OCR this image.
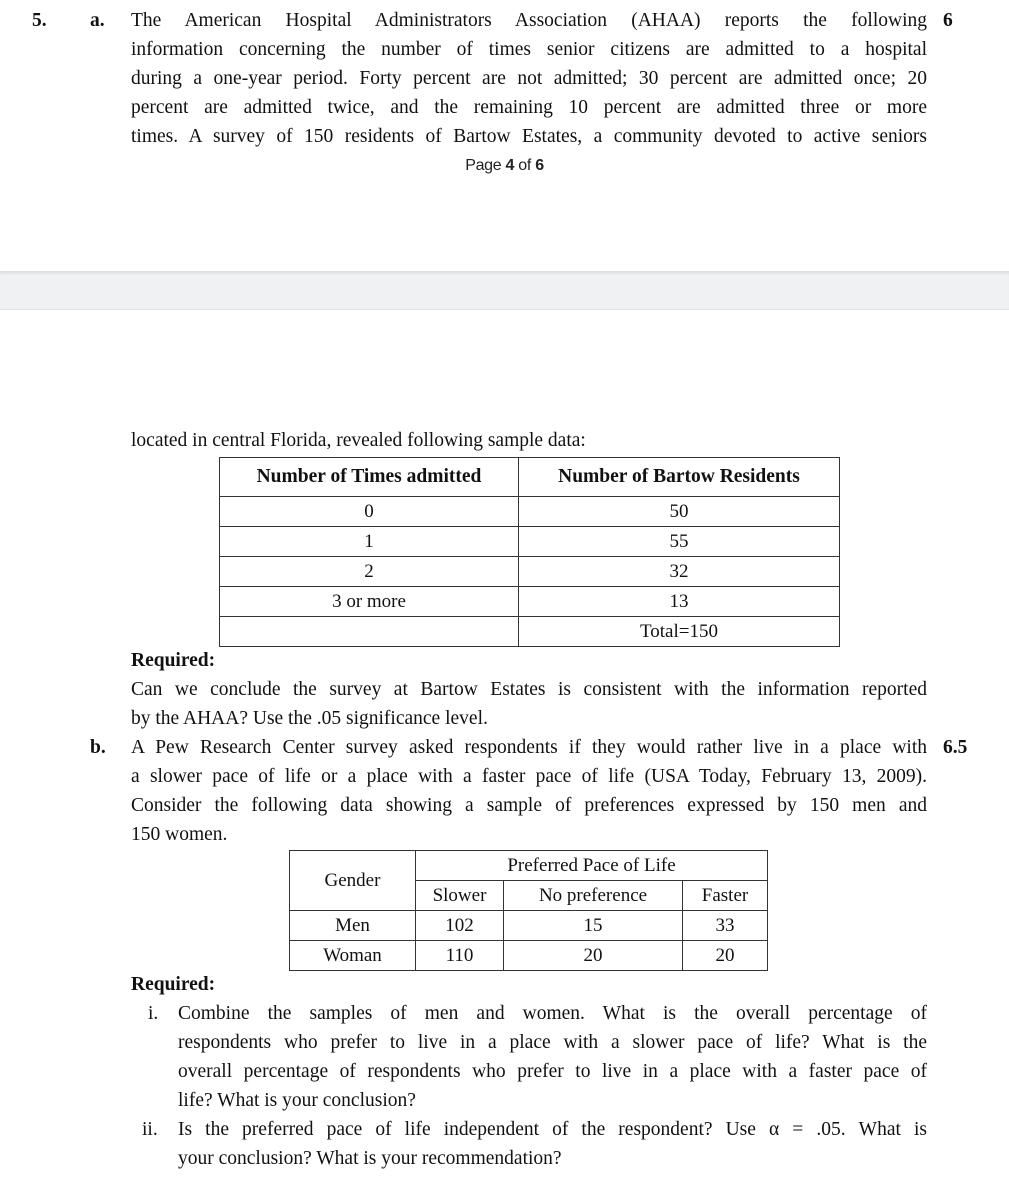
5. a.	6
The American Hospital Administrators Association (AHAA) reports the following
information concerning the number of times senior citizens are admitted to a hospital
during a one-year period. Forty percent are not admitted; 30 percent are admitted once; 20
percent are admitted twice, and the remaining 10 percent are admitted three or more
times. A survey of 150 residents of Bartow Estates, a community devoted to active seniors
Page 4 of 6
located in central Florida, revealed following sample data:
Number of Times admitted	Number of Bartow Residents
0	50
1	55
2	32
3 or more	13
	Total=150
Required:
Can we conclude the survey at Bartow Estates is consistent with the information reported
by the AHAA? Use the .05 significance level.
b.	6.5
A Pew Research Center survey asked respondents if they would rather live in a place with
a slower pace of life or a place with a faster pace of life (USA Today, February 13, 2009).
Consider the following data showing a sample of preferences expressed by 150 men and
150 women.
Gender	Preferred Pace of Life		
	Slower	No preference	Faster
Men	102	15	33
Woman	110	20	20
Required:
i. Combine the samples of men and women. What is the overall percentage of
respondents who prefer to live in a place with a slower pace of life? What is the
overall percentage of respondents who prefer to live in a place with a faster pace of
life? What is your conclusion?
ii. Is the preferred pace of life independent of the respondent? Use α = .05. What is
your conclusion? What is your recommendation?
